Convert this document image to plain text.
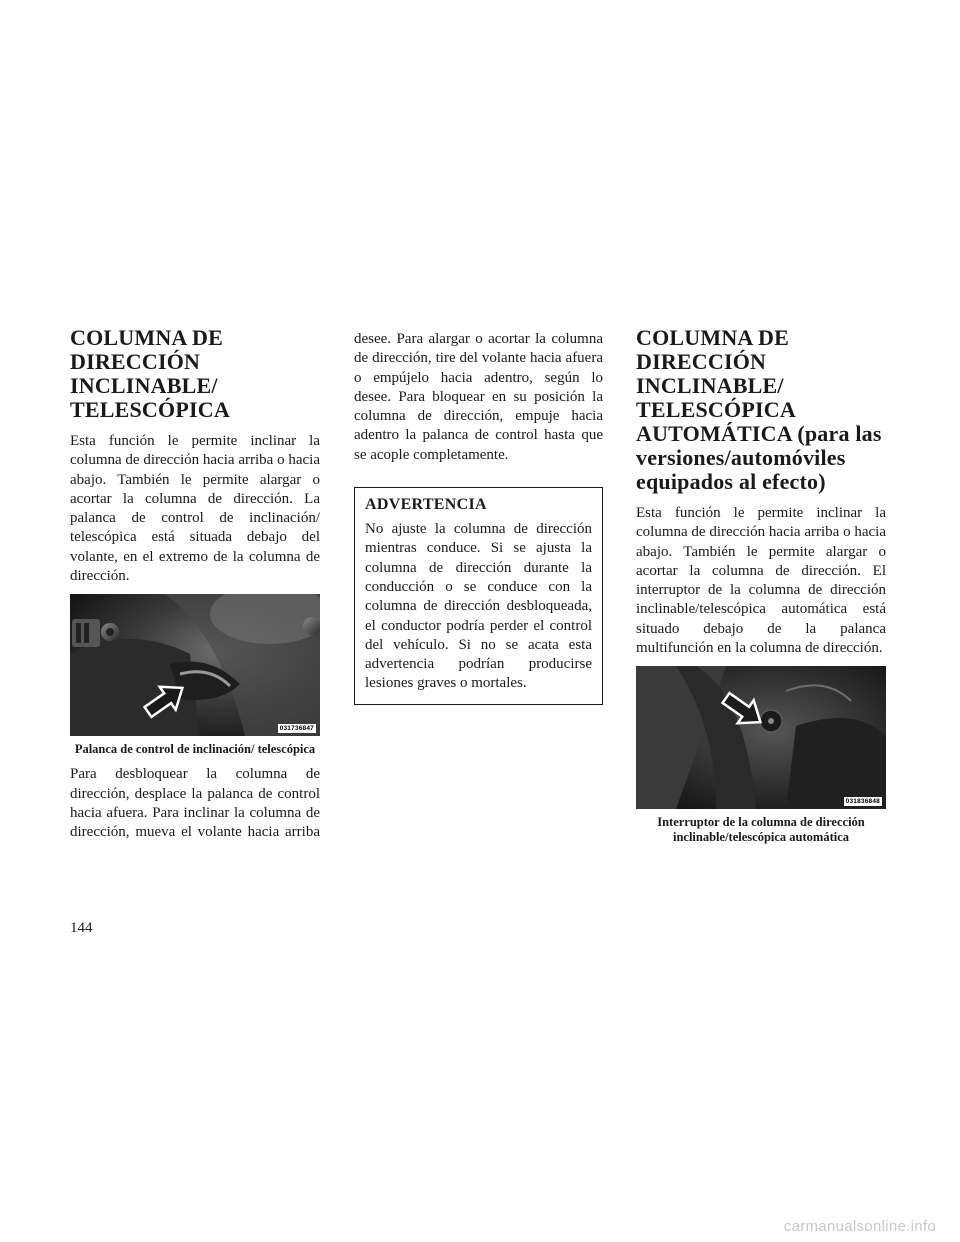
COLUMNA DE DIRECCIÓN INCLINABLE/ TELESCÓPICA

Esta función le permite inclinar la columna de dirección hacia arriba o hacia abajo. También le permite alargar o acortar la columna de dirección. La palanca de control de inclinación/ telescópica está situada debajo del volante, en el extremo de la columna de dirección.

031736847
Palanca de control de inclinación/ telescópica

Para desbloquear la columna de dirección, desplace la palanca de control hacia afuera. Para inclinar la columna de dirección, mueva el volante hacia arriba

desee. Para alargar o acortar la columna de dirección, tire del volante hacia afuera o empújelo hacia adentro, según lo desee. Para bloquear en su posición la columna de dirección, empuje hacia adentro la palanca de control hasta que se acople completamente.

ADVERTENCIA

No ajuste la columna de dirección mientras conduce. Si se ajusta la columna de dirección durante la conducción o se conduce con la columna de dirección desbloqueada, el conductor podría perder el control del vehículo. Si no se acata esta advertencia podrían producirse lesiones graves o mortales.

COLUMNA DE DIRECCIÓN INCLINABLE/ TELESCÓPICA AUTOMÁTICA (para las versiones/automóviles equipados al efecto)

Esta función le permite inclinar la columna de dirección hacia arriba o hacia abajo. También le permite alargar o acortar la columna de dirección. El interruptor de la columna de dirección inclinable/telescópica automática está situado debajo de la palanca multifunción en la columna de dirección.

031836848
Interruptor de la columna de dirección inclinable/telescópica automática
144
carmanualsonline.info
